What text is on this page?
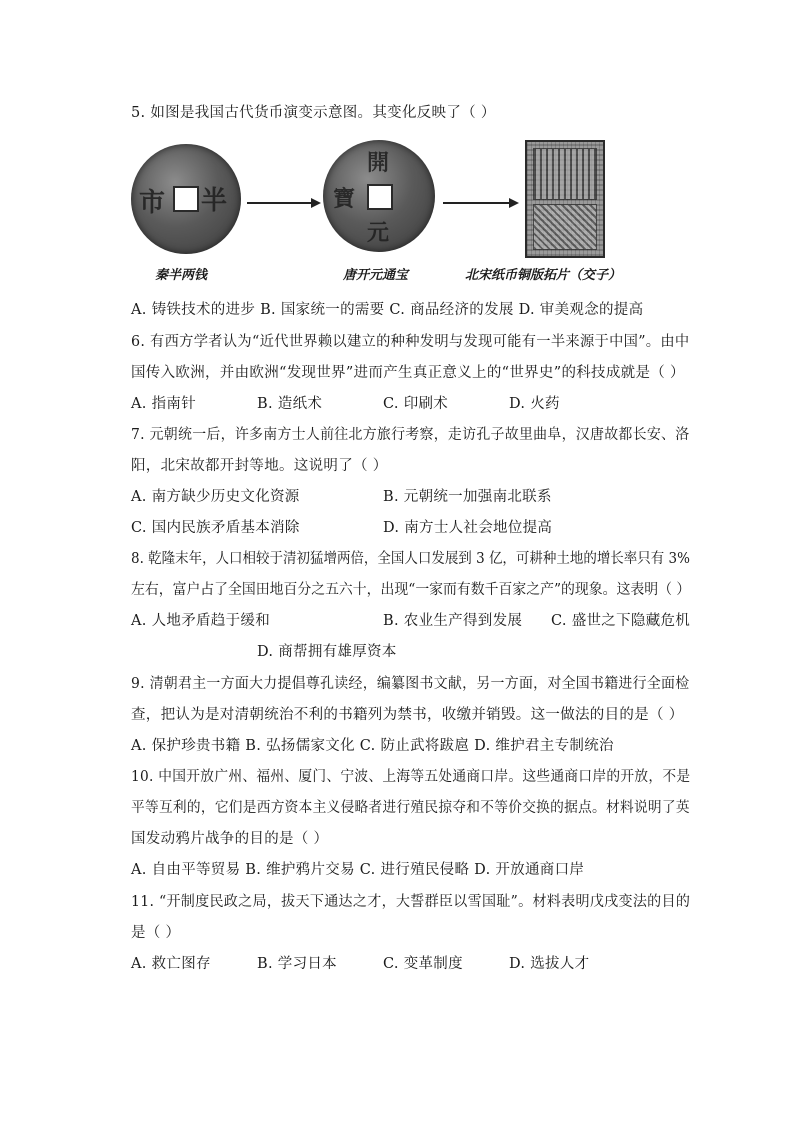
5. 如图是我国古代货币演变示意图。其变化反映了（ ）
市 半
開
寶
元
秦半两钱	唐开元通宝	北宋纸币铜版拓片（交子）
A. 铸铁技术的进步 B. 国家统一的需要 C. 商品经济的发展 D. 审美观念的提高
6. 有西方学者认为“近代世界赖以建立的种种发明与发现可能有一半来源于中国”。由中
国传入欧洲，并由欧洲“发现世界”进而产生真正意义上的“世界史”的科技成就是（ ）
A. 指南针	B. 造纸术	C. 印刷术	D. 火药
7. 元朝统一后，许多南方士人前往北方旅行考察，走访孔子故里曲阜，汉唐故都长安、洛
阳，北宋故都开封等地。这说明了（ ）
A. 南方缺少历史文化资源	B. 元朝统一加强南北联系
C. 国内民族矛盾基本消除	D. 南方士人社会地位提高
8. 乾隆末年，人口相较于清初猛增两倍，全国人口发展到 3 亿，可耕种土地的增长率只有 3%
左右，富户占了全国田地百分之五六十，出现“一家而有数千百家之产”的现象。这表明（ ）
A. 人地矛盾趋于缓和	B. 农业生产得到发展 C. 盛世之下隐藏危机
D. 商帮拥有雄厚资本
9. 清朝君主一方面大力提倡尊孔读经，编纂图书文献，另一方面，对全国书籍进行全面检
查，把认为是对清朝统治不利的书籍列为禁书，收缴并销毁。这一做法的目的是（ ）
A. 保护珍贵书籍 B. 弘扬儒家文化 C. 防止武将跋扈 D. 维护君主专制统治
10. 中国开放广州、福州、厦门、宁波、上海等五处通商口岸。这些通商口岸的开放，不是
平等互利的，它们是西方资本主义侵略者进行殖民掠夺和不等价交换的据点。材料说明了英
国发动鸦片战争的目的是（ ）
A. 自由平等贸易 B. 维护鸦片交易 C. 进行殖民侵略 D. 开放通商口岸
11. “开制度民政之局，拔天下通达之才，大誓群臣以雪国耻”。材料表明戊戌变法的目的
是（ ）
A. 救亡图存	B. 学习日本	C. 变革制度	D. 选拔人才
